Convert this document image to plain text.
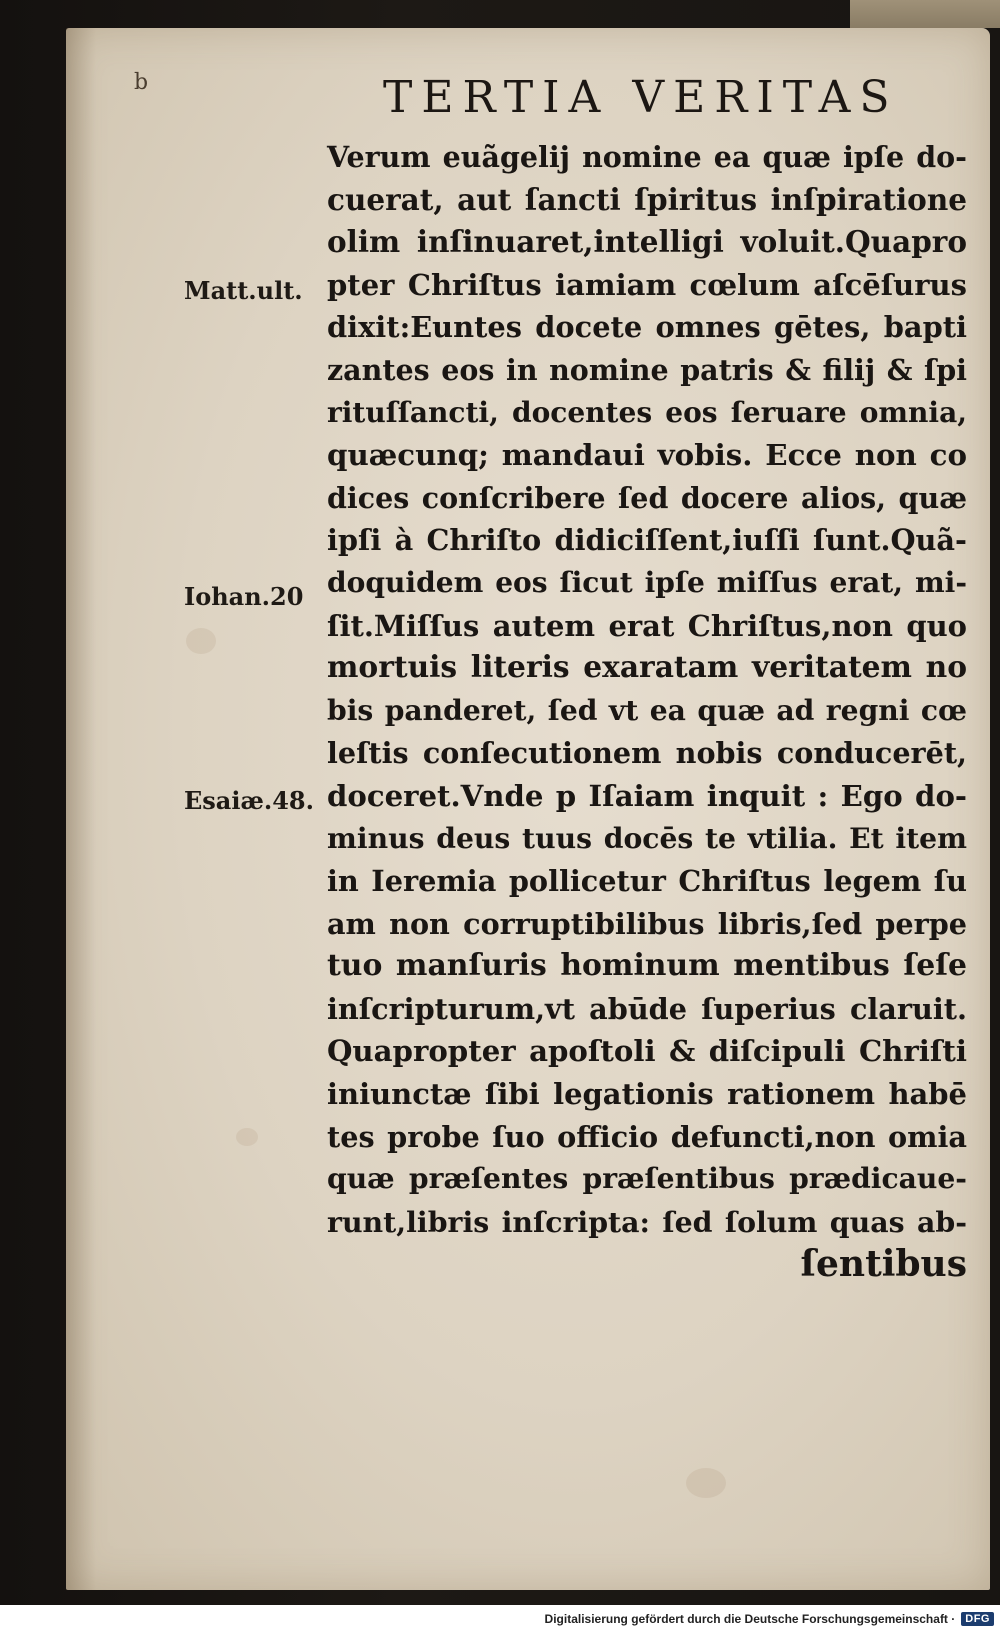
b	TERTIA VERITAS
Matt.ult.
Iohan.20
Esaiæ.48.
Verum euãgelij nomine ea quæ ipſe do-
cuerat, aut ſancti ſpiritus inſpiratione
olim inſinuaret,intelligi voluit.Quapro
pter Chriſtus iamiam cœlum aſcēſurus
dixit:Euntes docete omnes gētes, bapti
zantes eos in nomine patris & filij & ſpi
rituſſancti, docentes eos ſeruare omnia,
quæcunq; mandaui vobis. Ecce non co
dices conſcribere ſed docere alios, quæ
ipſi à Chriſto didiciſſent,iuſſi ſunt.Quã-
doquidem eos ſicut ipſe miſſus erat, mi-
ſit.Miſſus autem erat Chriſtus,non quo
mortuis literis exaratam veritatem no
bis panderet, ſed vt ea quæ ad regni cœ
leſtis conſecutionem nobis conducerēt,
doceret.Vnde p Iſaiam inquit : Ego do-
minus deus tuus docēs te vtilia. Et item
in Ieremia pollicetur Chriſtus legem ſu
am non corruptibilibus libris,ſed perpe
tuo manſuris hominum mentibus ſeſe
inſcripturum,vt abūde ſuperius claruit.
Quapropter apoſtoli & diſcipuli Chriſti
iniunctæ ſibi legationis rationem habē
tes probe ſuo officio defuncti,non omia
quæ præſentes præſentibus prædicaue-
runt,libris inſcripta: ſed ſolum quas ab-
ſentibus
Digitalisierung gefördert durch die Deutsche Forschungsgemeinschaft · DFG
